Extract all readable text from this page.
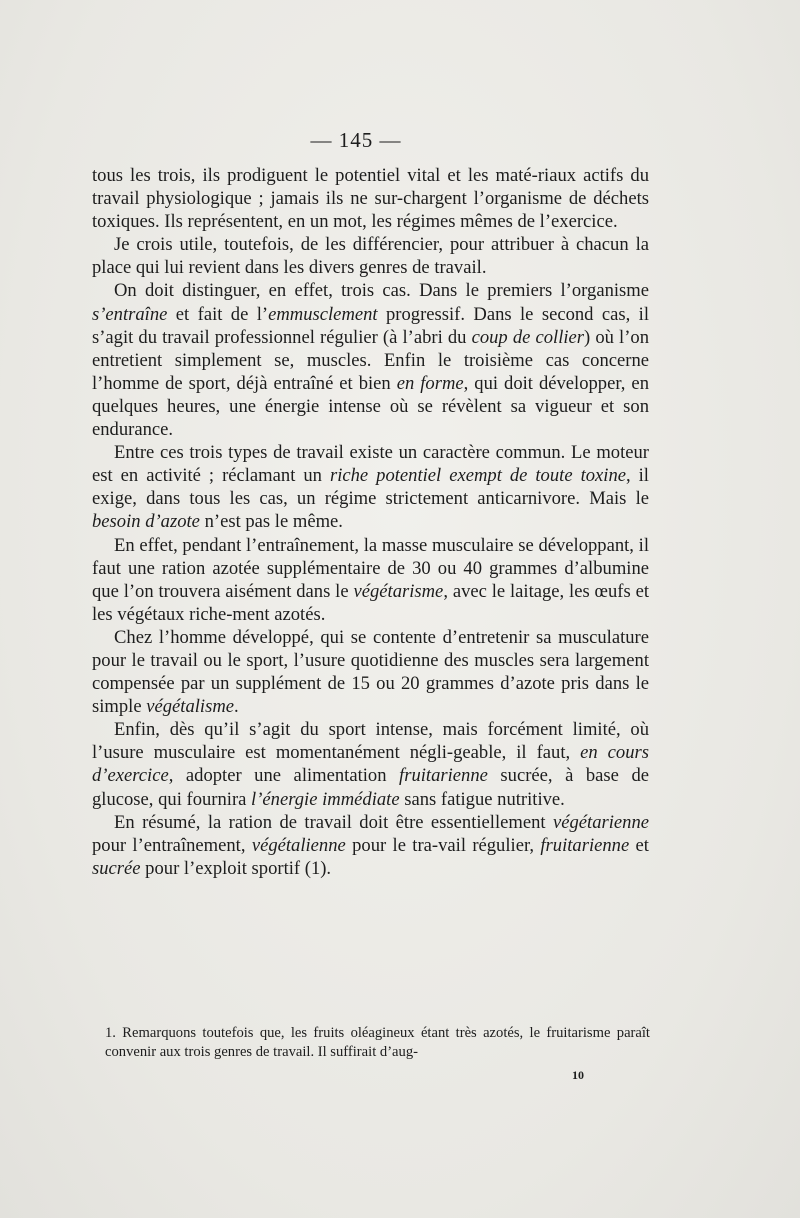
— 145 —

tous les trois, ils prodiguent le potentiel vital et les maté-riaux actifs du travail physiologique ; jamais ils ne sur-chargent l’organisme de déchets toxiques. Ils représentent, en un mot, les régimes mêmes de l’exercice.

Je crois utile, toutefois, de les différencier, pour attribuer à chacun la place qui lui revient dans les divers genres de travail.

On doit distinguer, en effet, trois cas. Dans le premiers l’organisme s’entraîne et fait de l’emmusclement progressif. Dans le second cas, il s’agit du travail professionnel régulier (à l’abri du coup de collier) où l’on entretient simplement se, muscles. Enfin le troisième cas concerne l’homme de sport, déjà entraîné et bien en forme, qui doit développer, en quelques heures, une énergie intense où se révèlent sa vigueur et son endurance.

Entre ces trois types de travail existe un caractère commun. Le moteur est en activité ; réclamant un riche potentiel exempt de toute toxine, il exige, dans tous les cas, un régime strictement anticarnivore. Mais le besoin d’azote n’est pas le même.

En effet, pendant l’entraînement, la masse musculaire se développant, il faut une ration azotée supplémentaire de 30 ou 40 grammes d’albumine que l’on trouvera aisément dans le végétarisme, avec le laitage, les œufs et les végétaux riche-ment azotés.

Chez l’homme développé, qui se contente d’entretenir sa musculature pour le travail ou le sport, l’usure quotidienne des muscles sera largement compensée par un supplément de 15 ou 20 grammes d’azote pris dans le simple végétalisme.

Enfin, dès qu’il s’agit du sport intense, mais forcément limité, où l’usure musculaire est momentanément négli-geable, il faut, en cours d’exercice, adopter une alimentation fruitarienne sucrée, à base de glucose, qui fournira l’énergie immédiate sans fatigue nutritive.

En résumé, la ration de travail doit être essentiellement végétarienne pour l’entraînement, végétalienne pour le tra-vail régulier, fruitarienne et sucrée pour l’exploit sportif (1).

1. Remarquons toutefois que, les fruits oléagineux étant très azotés, le fruitarisme paraît convenir aux trois genres de travail. Il suffirait d’aug-
10
